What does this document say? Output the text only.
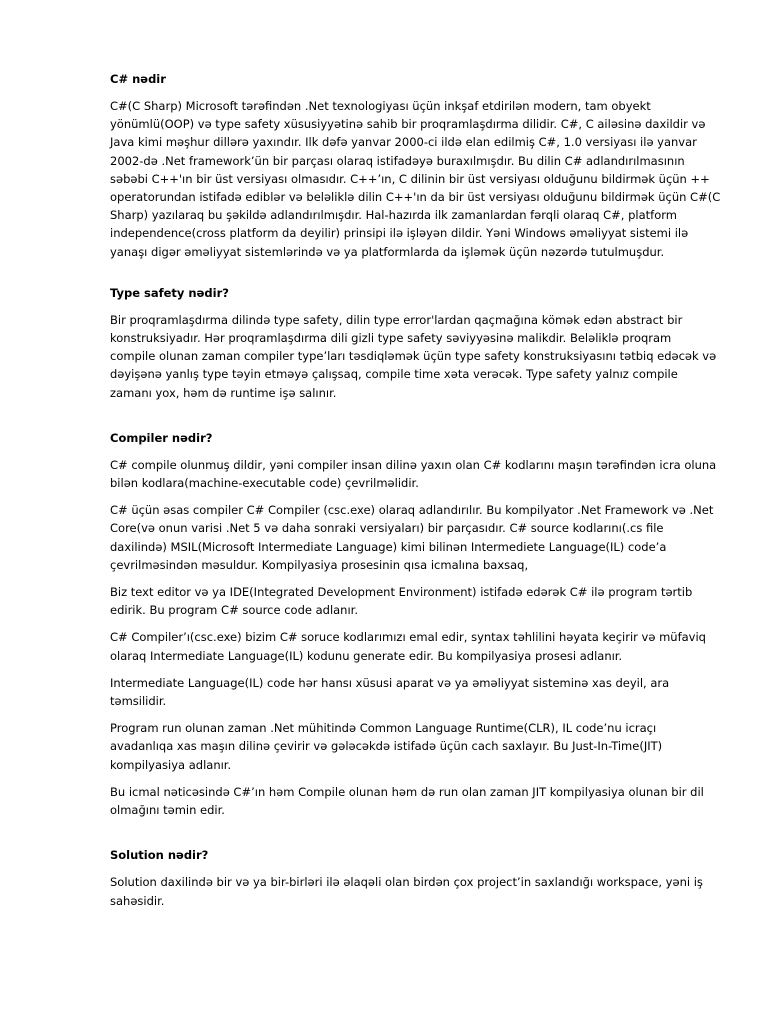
C# nədir

C#(C Sharp) Microsoft tərəfindən .Net texnologiyası üçün inkşaf etdirilən modern, tam obyekt
yönümlü(OOP) və type safety xüsusiyyətinə sahib bir proqramlaşdırma dilidir. C#, C ailəsinə daxildir və
Java kimi məşhur dillərə yaxındır. Ilk dəfə yanvar 2000-ci ildə elan edilmiş C#, 1.0 versiyası ilə yanvar
2002-də .Net framework’ün bir parçası olaraq istifadəyə buraxılmışdır. Bu dilin C# adlandırılmasının
səbəbi C++'ın bir üst versiyası olmasıdır. C++’ın, C dilinin bir üst versiyası olduğunu bildirmək üçün ++
operatorundan istifadə ediblər və beləliklə dilin C++'ın da bir üst versiyası olduğunu bildirmək üçün C#(C
Sharp) yazılaraq bu şəkildə adlandırılmışdır. Hal-hazırda ilk zamanlardan fərqli olaraq C#, platform
independence(cross platform da deyilir) prinsipi ilə işləyən dildir. Yəni Windows əməliyyat sistemi ilə
yanaşı digər əməliyyat sistemlərində və ya platformlarda da işləmək üçün nəzərdə tutulmuşdur.

Type safety nədir?

Bir proqramlaşdırma dilində type safety, dilin type error'lardan qaçmağına kömək edən abstract bir
konstruksiyadır. Hər proqramlaşdırma dili gizli type safety səviyyəsinə malikdir. Beləliklə proqram
compile olunan zaman compiler type’ları təsdiqləmək üçün type safety konstruksiyasını tətbiq edəcək və
dəyişənə yanlış type təyin etməyə çalışsaq, compile time xəta verəcək. Type safety yalnız compile
zamanı yox, həm də runtime işə salınır.

Compiler nədir?

C# compile olunmuş dildir, yəni compiler insan dilinə yaxın olan C# kodlarını maşın tərəfindən icra oluna
bilən kodlara(machine-executable code) çevrilməlidir.

C# üçün əsas compiler C# Compiler (csc.exe) olaraq adlandırılır. Bu kompilyator .Net Framework və .Net
Core(və onun varisi .Net 5 və daha sonraki versiyaları) bir parçasıdır. C# source kodlarını(.cs file
daxilində) MSIL(Microsoft Intermediate Language) kimi bilinən Intermediete Language(IL) code’a
çevrilməsindən məsuldur. Kompilyasiya prosesinin qısa icmalına baxsaq,

Biz text editor və ya IDE(Integrated Development Environment) istifadə edərək C# ilə program tərtib
edirik. Bu program C# source code adlanır.

C# Compiler’ı(csc.exe) bizim C# soruce kodlarımızı emal edir, syntax təhlilini həyata keçirir və müfaviq
olaraq Intermediate Language(IL) kodunu generate edir. Bu kompilyasiya prosesi adlanır.

Intermediate Language(IL) code hər hansı xüsusi aparat və ya əməliyyat sisteminə xas deyil, ara
təmsilidir.

Program run olunan zaman .Net mühitində Common Language Runtime(CLR), IL code’nu icraçı
avadanlıqa xas maşın dilinə çevirir və gələcəkdə istifadə üçün cach saxlayır. Bu Just-In-Time(JIT)
kompilyasiya adlanır.

Bu icmal nəticəsində C#’ın həm Compile olunan həm də run olan zaman JIT kompilyasiya olunan bir dil
olmağını təmin edir.

Solution nədir?

Solution daxilində bir və ya bir-birləri ilə əlaqəli olan birdən çox project’in saxlandığı workspace, yəni iş
sahəsidir.
